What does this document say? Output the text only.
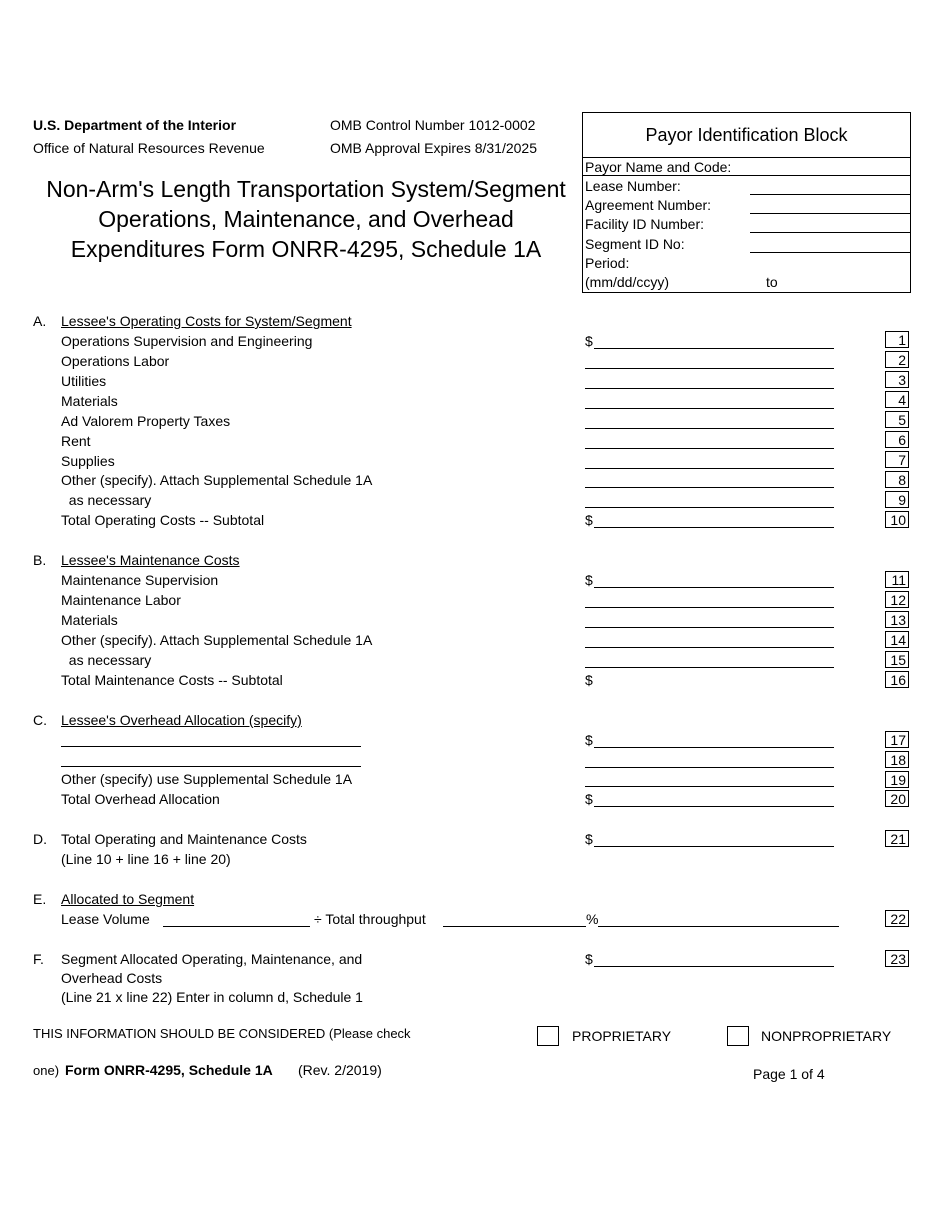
U.S. Department of the Interior
Office of Natural Resources Revenue
OMB Control Number 1012-0002
OMB Approval Expires 8/31/2025
Non-Arm's Length Transportation System/Segment Operations, Maintenance, and Overhead Expenditures Form ONRR-4295, Schedule 1A
Payor Identification Block
Payor Name and Code:
Lease Number:
Agreement Number:
Facility ID Number:
Segment ID No:
Period:
(mm/dd/ccyy)	to
A. Lessee's Operating Costs for System/Segment
Operations Supervision and Engineering	$	1
Operations Labor	2
Utilities	3
Materials	4
Ad Valorem Property Taxes	5
Rent	6
Supplies	7
Other (specify). Attach Supplemental Schedule 1A	8
as necessary	9
Total Operating Costs -- Subtotal	$	10
B. Lessee's Maintenance Costs
Maintenance Supervision	$	11
Maintenance Labor	12
Materials	13
Other (specify). Attach Supplemental Schedule 1A	14
as necessary	15
Total Maintenance Costs -- Subtotal	$	16
C. Lessee's Overhead Allocation (specify)
$	17
18
Other (specify) use Supplemental Schedule 1A	19
Total Overhead Allocation	$	20
D. Total Operating and Maintenance Costs
(Line 10 + line 16 + line 20)
$	21
E. Allocated to Segment
Lease Volume	÷ Total throughput	%	22
F. Segment Allocated Operating, Maintenance, and
Overhead Costs
(Line 21 x line 22) Enter in column d, Schedule 1
$	23
THIS INFORMATION SHOULD BE CONSIDERED (Please check	PROPRIETARY	NONPROPRIETARY
one) Form ONRR-4295, Schedule 1A (Rev. 2/2019)	Page 1 of 4
